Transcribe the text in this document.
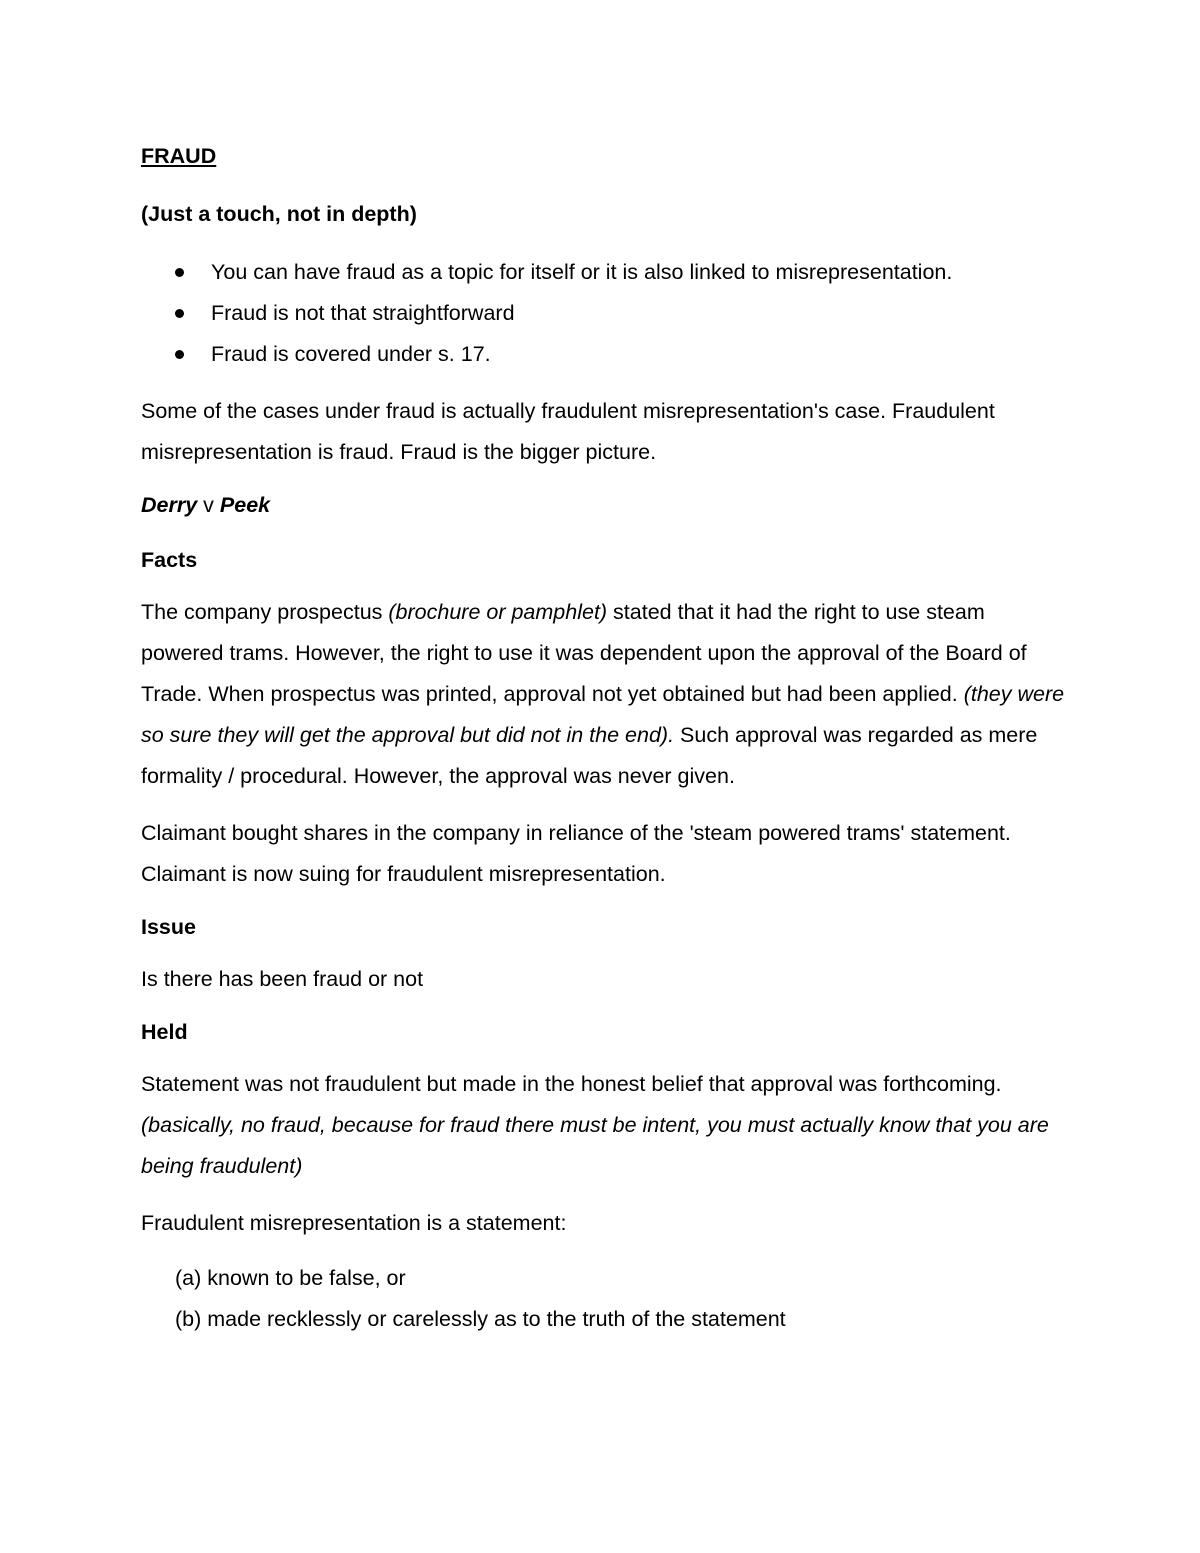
FRAUD

(Just a touch, not in depth)

You can have fraud as a topic for itself or it is also linked to misrepresentation.
Fraud is not that straightforward
Fraud is covered under s. 17.

Some of the cases under fraud is actually fraudulent misrepresentation's case. Fraudulent misrepresentation is fraud. Fraud is the bigger picture.

Derry v Peek

Facts

The company prospectus (brochure or pamphlet) stated that it had the right to use steam powered trams. However, the right to use it was dependent upon the approval of the Board of Trade. When prospectus was printed, approval not yet obtained but had been applied. (they were so sure they will get the approval but did not in the end). Such approval was regarded as mere formality / procedural. However, the approval was never given.

Claimant bought shares in the company in reliance of the 'steam powered trams' statement. Claimant is now suing for fraudulent misrepresentation.

Issue

Is there has been fraud or not

Held

Statement was not fraudulent but made in the honest belief that approval was forthcoming. (basically, no fraud, because for fraud there must be intent, you must actually know that you are being fraudulent)

Fraudulent misrepresentation is a statement:

(a) known to be false, or
(b) made recklessly or carelessly as to the truth of the statement
